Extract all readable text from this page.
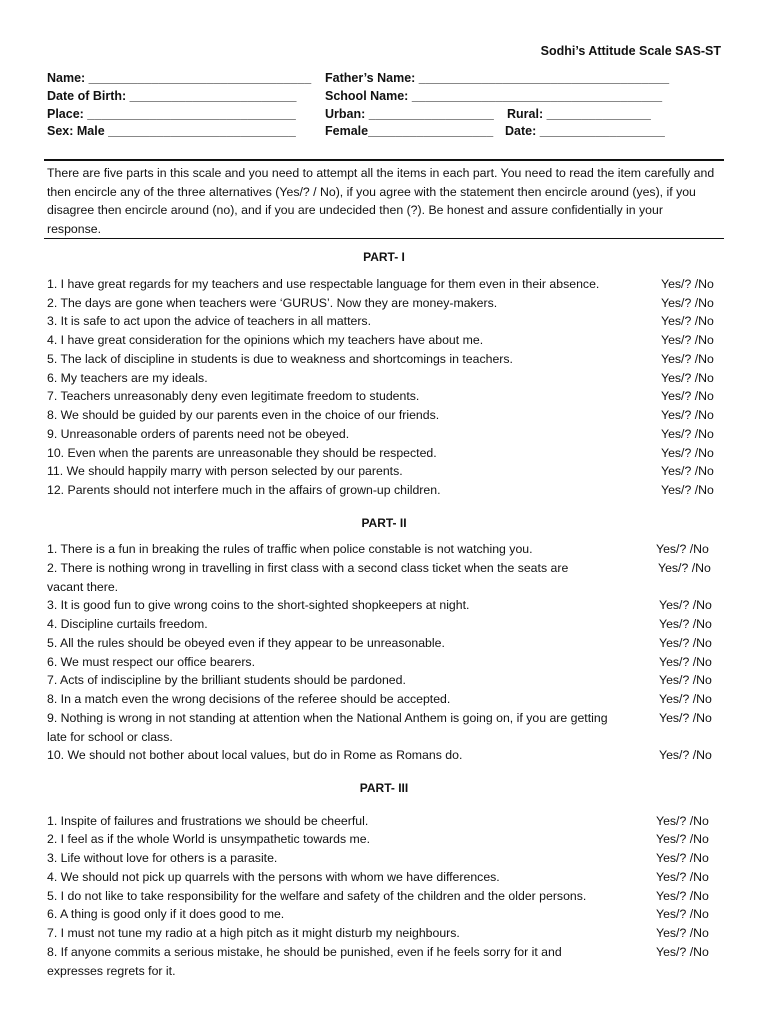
Sodhi’s Attitude Scale SAS-ST
Name: ________________________________ Father’s Name: ____________________________________
Date of Birth: ________________________ School Name: ____________________________________
Place: ______________________________ Urban: __________________ Rural: _______________
Sex: Male ___________________________ Female__________________ Date: __________________
There are five parts in this scale and you need to attempt all the items in each part. You need to read the item carefully and then encircle any of the three alternatives (Yes/? / No), if you agree with the statement then encircle around (yes), if you disagree then encircle around (no), and if you are undecided then (?). Be honest and assure confidentially in your response.
PART- I
1. I have great regards for my teachers and use respectable language for them even in their absence.	Yes/? /No
2. The days are gone when teachers were ‘GURUS’. Now they are money-makers.	Yes/? /No
3. It is safe to act upon the advice of teachers in all matters.	Yes/? /No
4. I have great consideration for the opinions which my teachers have about me.	Yes/? /No
5. The lack of discipline in students is due to weakness and shortcomings in teachers.	Yes/? /No
6. My teachers are my ideals.	Yes/? /No
7. Teachers unreasonably deny even legitimate freedom to students.	Yes/? /No
8. We should be guided by our parents even in the choice of our friends.	Yes/? /No
9. Unreasonable orders of parents need not be obeyed.	Yes/? /No
10. Even when the parents are unreasonable they should be respected.	Yes/? /No
11. We should happily marry with person selected by our parents.	Yes/? /No
12. Parents should not interfere much in the affairs of grown-up children.	Yes/? /No
PART- II
1. There is a fun in breaking the rules of traffic when police constable is not watching you.	Yes/? /No
2. There is nothing wrong in travelling in first class with a second class ticket when the seats are vacant there.
Yes/? /No
3. It is good fun to give wrong coins to the short-sighted shopkeepers at night.	Yes/? /No
4. Discipline curtails freedom.	Yes/? /No
5. All the rules should be obeyed even if they appear to be unreasonable.	Yes/? /No
6. We must respect our office bearers.	Yes/? /No
7. Acts of indiscipline by the brilliant students should be pardoned.	Yes/? /No
8. In a match even the wrong decisions of the referee should be accepted.	Yes/? /No
9. Nothing is wrong in not standing at attention when the National Anthem is going on, if you are getting late for school or class.
Yes/? /No
10. We should not bother about local values, but do in Rome as Romans do.	Yes/? /No
PART- III
1. Inspite of failures and frustrations we should be cheerful.	Yes/? /No
2. I feel as if the whole World is unsympathetic towards me.	Yes/? /No
3. Life without love for others is a parasite.	Yes/? /No
4. We should not pick up quarrels with the persons with whom we have differences.	Yes/? /No
5. I do not like to take responsibility for the welfare and safety of the children and the older persons.	Yes/? /No
6. A thing is good only if it does good to me.	Yes/? /No
7. I must not tune my radio at a high pitch as it might disturb my neighbours.	Yes/? /No
8. If anyone commits a serious mistake, he should be punished, even if he feels sorry for it and expresses regrets for it.
Yes/? /No
